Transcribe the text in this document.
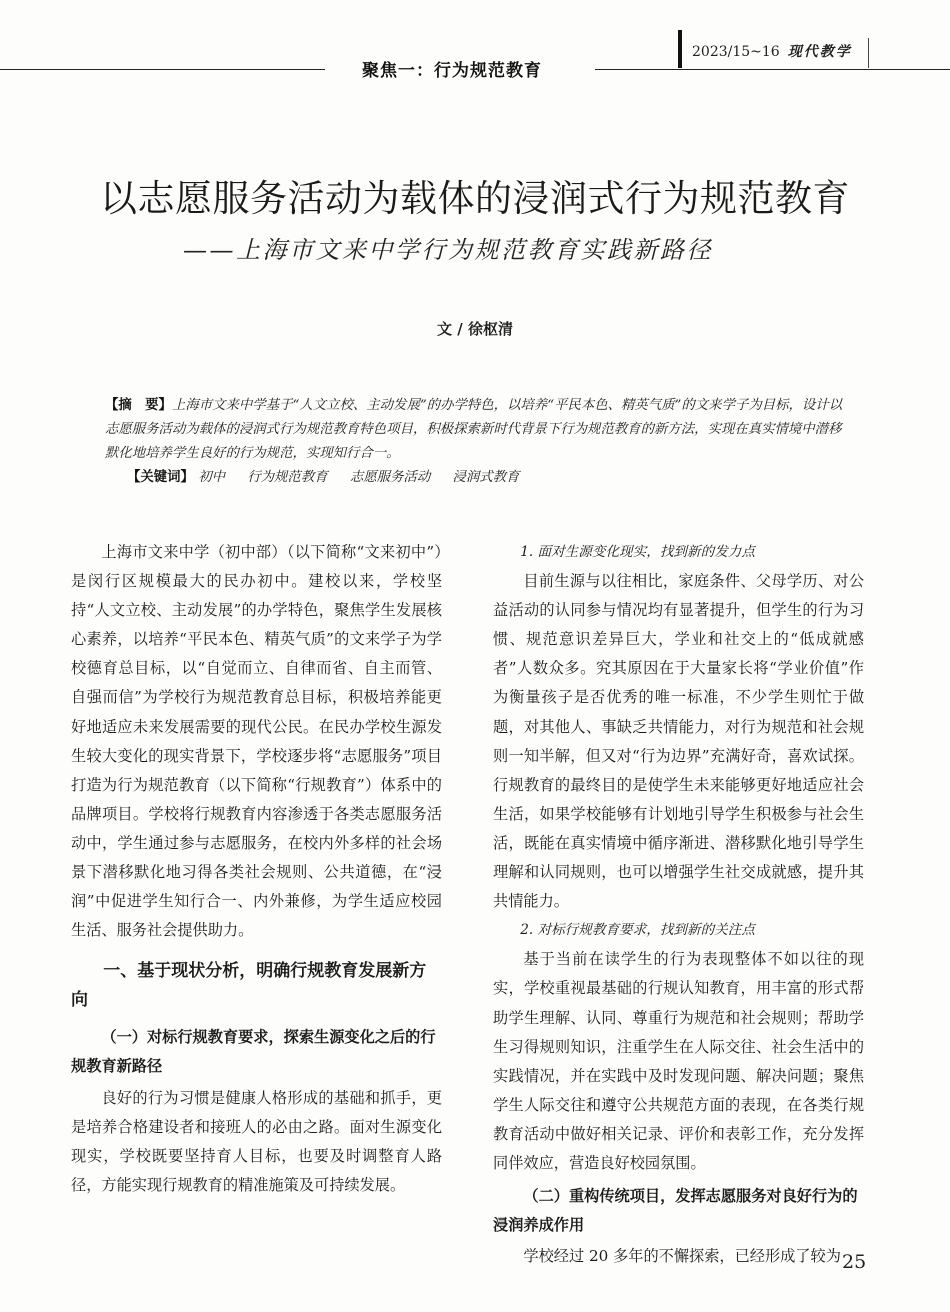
聚焦一：行为规范教育
2023/15~16 现代教学
以志愿服务活动为载体的浸润式行为规范教育
——上海市文来中学行为规范教育实践新路径
文 / 徐枢清
【摘　要】上海市文来中学基于“人文立校、主动发展”的办学特色，以培养“平民本色、精英气质”的文来学子为目标，设计以志愿服务活动为载体的浸润式行为规范教育特色项目，积极探索新时代背景下行为规范教育的新方法，实现在真实情境中潜移默化地培养学生良好的行为规范，实现知行合一。
【关键词】 初中 行为规范教育 志愿服务活动 浸润式教育

上海市文来中学（初中部）（以下简称“文来初中”）是闵行区规模最大的民办初中。建校以来，学校坚持“人文立校、主动发展”的办学特色，聚焦学生发展核心素养，以培养“平民本色、精英气质”的文来学子为学校德育总目标，以“自觉而立、自律而省、自主而管、自强而信”为学校行为规范教育总目标，积极培养能更好地适应未来发展需要的现代公民。在民办学校生源发生较大变化的现实背景下，学校逐步将“志愿服务”项目打造为行为规范教育（以下简称“行规教育”）体系中的品牌项目。学校将行规教育内容渗透于各类志愿服务活动中，学生通过参与志愿服务，在校内外多样的社会场景下潜移默化地习得各类社会规则、公共道德，在“浸润”中促进学生知行合一、内外兼修，为学生适应校园生活、服务社会提供助力。

一、基于现状分析，明确行规教育发展新方向

（一）对标行规教育要求，探索生源变化之后的行规教育新路径

良好的行为习惯是健康人格形成的基础和抓手，更是培养合格建设者和接班人的必由之路。面对生源变化现实，学校既要坚持育人目标，也要及时调整育人路径，方能实现行规教育的精准施策及可持续发展。

1. 面对生源变化现实，找到新的发力点

目前生源与以往相比，家庭条件、父母学历、对公益活动的认同参与情况均有显著提升，但学生的行为习惯、规范意识差异巨大，学业和社交上的“低成就感者”人数众多。究其原因在于大量家长将“学业价值”作为衡量孩子是否优秀的唯一标准，不少学生则忙于做题，对其他人、事缺乏共情能力，对行为规范和社会规则一知半解，但又对“行为边界”充满好奇，喜欢试探。行规教育的最终目的是使学生未来能够更好地适应社会生活，如果学校能够有计划地引导学生积极参与社会生活，既能在真实情境中循序渐进、潜移默化地引导学生理解和认同规则，也可以增强学生社交成就感，提升其共情能力。

2. 对标行规教育要求，找到新的关注点

基于当前在读学生的行为表现整体不如以往的现实，学校重视最基础的行规认知教育，用丰富的形式帮助学生理解、认同、尊重行为规范和社会规则；帮助学生习得规则知识，注重学生在人际交往、社会生活中的实践情况，并在实践中及时发现问题、解决问题；聚焦学生人际交往和遵守公共规范方面的表现，在各类行规教育活动中做好相关记录、评价和表彰工作，充分发挥同伴效应，营造良好校园氛围。

（二）重构传统项目，发挥志愿服务对良好行为的浸润养成作用

学校经过 20 多年的不懈探索，已经形成了较为 25
